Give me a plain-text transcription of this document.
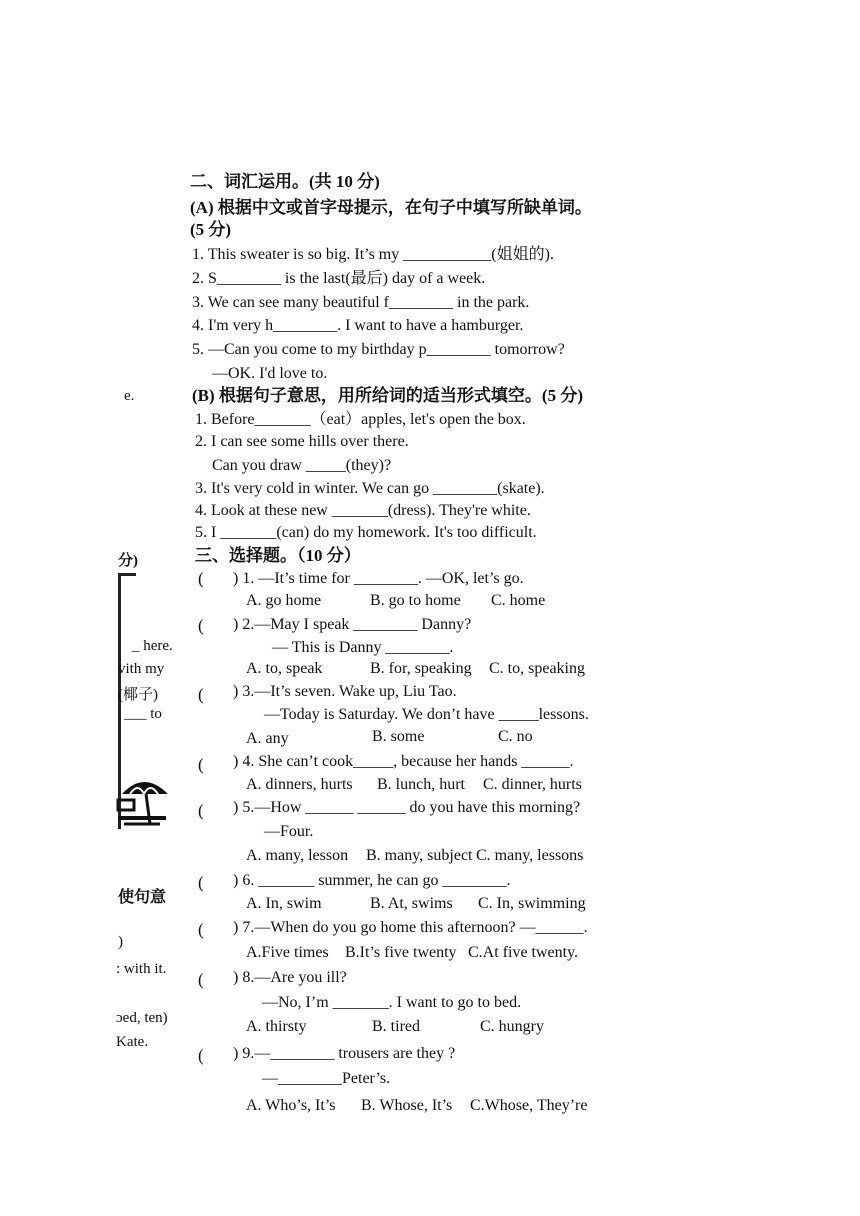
二、词汇运用。(共 10 分)
(A) 根据中文或首字母提示，在句子中填写所缺单词。
(5 分)
1. This sweater is so big. It’s my ___________(姐姐的).
2. S________ is the last(最后) day of a week.
3. We can see many beautiful f________ in the park.
4. I'm very h________. I want to have a hamburger.
5. —Can you come to my birthday p________ tomorrow?
—OK. I'd love to.
(B) 根据句子意思，用所给词的适当形式填空。(5 分)
1. Before_______（eat）apples, let's open the box.
2. I can see some hills over there.
Can you draw _____(they)?
3. It's very cold in winter. We can go ________(skate).
4. Look at these new _______(dress). They're white.
5. I _______(can) do my homework. It's too difficult.
三、选择题。（10 分）
( ) 1. —It’s time for ________. —OK, let’s go.
A. go home	B. go to home C. home
( ) 2.—May I speak ________ Danny?
— This is Danny ________.
A. to, speak	B. for, speaking C. to, speaking
( ) 3.—It’s seven. Wake up, Liu Tao.
—Today is Saturday. We don’t have _____lessons.
A. any	B. some	C. no
( ) 4. She can’t cook_____, because her hands ______.
A. dinners, hurts B. lunch, hurt C. dinner, hurts
( ) 5.—How ______ ______ do you have this morning?
—Four.
A. many, lesson B. many, subject C. many, lessons
( ) 6. _______ summer, he can go ________.
A. In, swim	B. At, swims C. In, swimming
( ) 7.—When do you go home this afternoon? —______.
A.Five times B.It’s five twenty C.At five twenty.
( ) 8.—Are you ill?
—No, I’m _______. I want to go to bed.
A. thirsty	B. tired	C. hungry
( ) 9.—________ trousers are they ?
—________Peter’s.
A. Who’s, It’s B. Whose, It’s C.Whose, They’re
e.
分)
_ here.
vith my
(椰子)
___ to
使句意
)
: with it.
ɔed, ten)
Kate.
